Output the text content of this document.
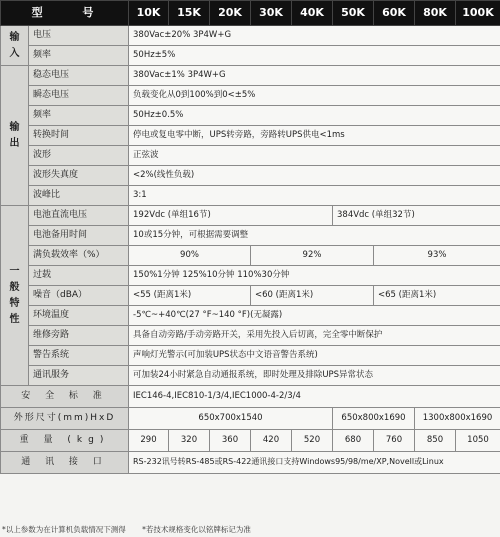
型 号		10K	15K	20K	30K	40K	50K	60K	80K	100K
输入	电压	380Vac±20% 3P4W+G								
	频率	50Hz±5%								
输出	稳态电压	380Vac±1% 3P4W+G								
	瞬态电压	负载变化从0到100%到0<±5%								
	频率	50Hz±0.5%								
	转换时间	停电或复电零中断，UPS转旁路，旁路转UPS供电<1ms								
	波形	正弦波								
	波形失真度	<2%(线性负载)								
	波峰比	3:1								

一般特性	电池直流电压	192Vdc (单组16节)					384Vdc (单组32节)			
	电池备用时间	10或15分钟，可根据需要调整								
	满负载效率（%）	90%			92%			93%		
	过载	150%1分钟 125%10分钟 110%30分钟								
	噪音（dBA）	<55 (距离1米)			<60 (距离1米)			<65 (距离1米)		
	环境温度	-5℃~+40℃(27 °F~140 °F)(无凝露)								
	维修旁路	具备自动旁路/手动旁路开关，采用先投入后切离，完全零中断保护								
	警告系统	声响灯光警示(可加装UPS状态中文语音警告系统)								
	通讯服务	可加装24小时紧急自动通报系统，即时处理及排除UPS异常状态								
安 全 标 准		IEC146-4,IEC810-1/3/4,IEC1000-4-2/3/4								
外形尺寸(mm)HxD		650x700x1540					650x800x1690		1300x800x1690	
重 量 (kg)		290	320	360	420	520	680	760	850	1050
通 讯 接 口		RS-232讯号转RS-485或RS-422通讯接口支持Windows95/98/me/XP,Novell或Linux								
*以上参数为在计算机负载情况下测得 *若技术规格变化以铭牌标记为准
